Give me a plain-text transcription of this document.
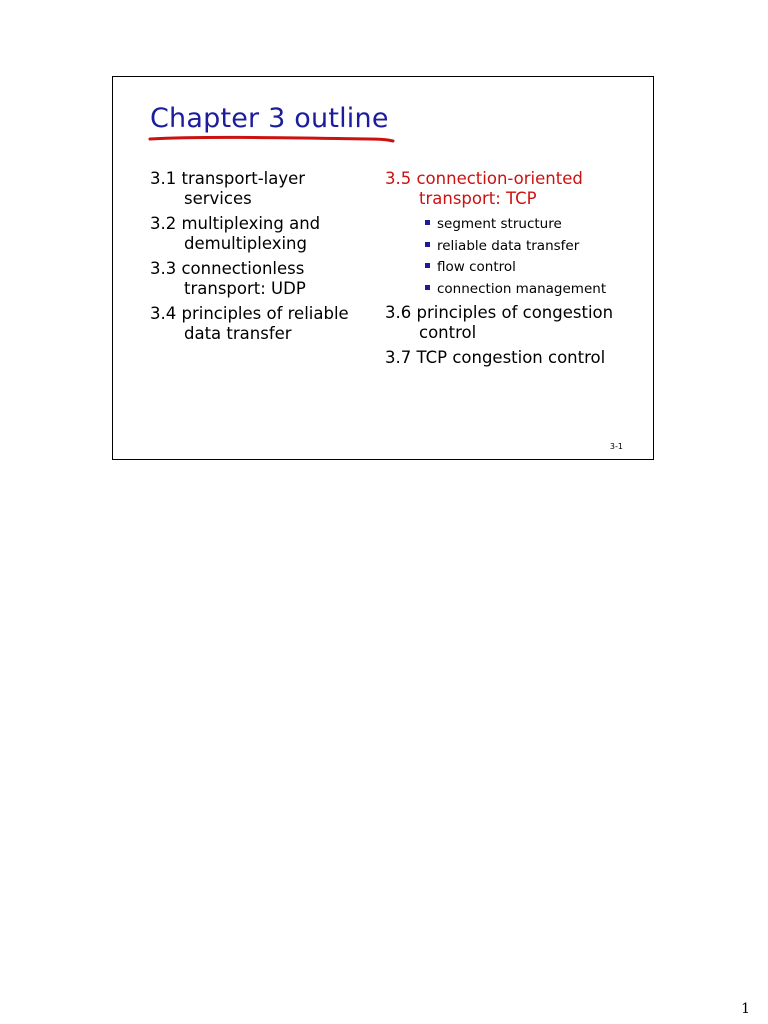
Chapter 3 outline
3.1 transport-layer
services
3.2 multiplexing and
demultiplexing
3.3 connectionless
transport: UDP
3.4 principles of reliable
data transfer
3.5 connection-oriented
transport: TCP
segment structure
reliable data transfer
flow control
connection management
3.6 principles of congestion
control
3.7 TCP congestion control
3-1
1
